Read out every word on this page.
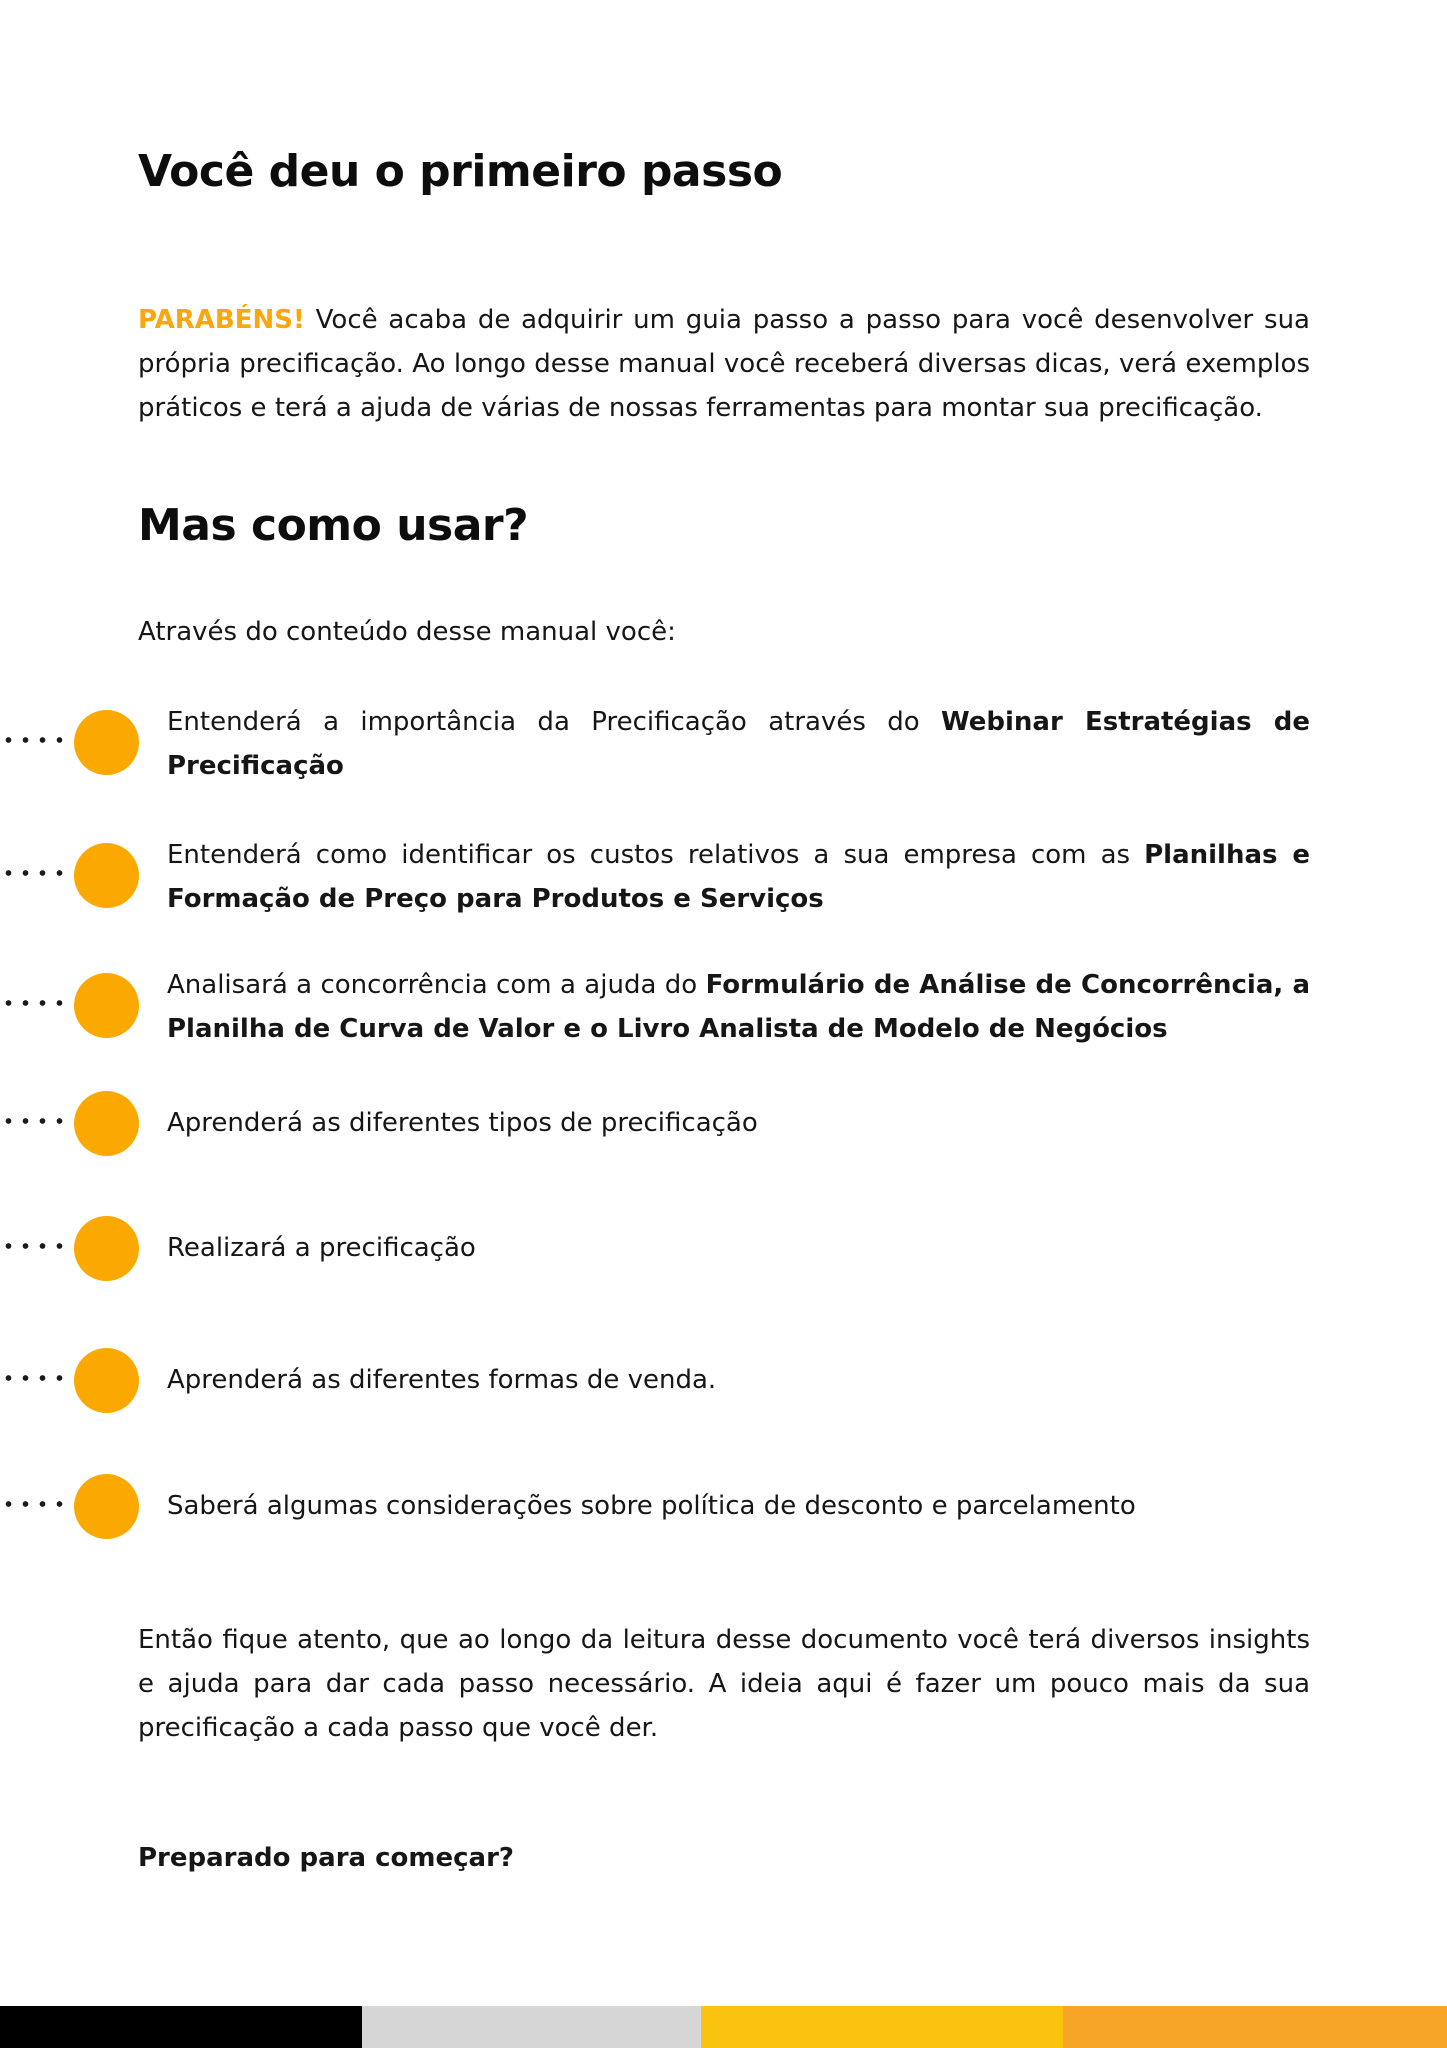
Você deu o primeiro passo

PARABÉNS! Você acaba de adquirir um guia passo a passo para você desenvolver sua própria precificação. Ao longo desse manual você receberá diversas dicas, verá exemplos práticos e terá a ajuda de várias de nossas ferramentas para montar sua precificação.

Mas como usar?

Através do conteúdo desse manual você:

Entenderá a importância da Precificação através do Webinar Estratégias de Precificação

Entenderá como identificar os custos relativos a sua empresa com as Planilhas e Formação de Preço para Produtos e Serviços

Analisará a concorrência com a ajuda do Formulário de Análise de Concorrência, a Planilha de Curva de Valor e o Livro Analista de Modelo de Negócios

Aprenderá as diferentes tipos de precificação

Realizará a precificação

Aprenderá as diferentes formas de venda.

Saberá algumas considerações sobre política de desconto e parcelamento

Então fique atento, que ao longo da leitura desse documento você terá diversos insights e ajuda para dar cada passo necessário. A ideia aqui é fazer um pouco mais da sua precificação a cada passo que você der.

Preparado para começar?
